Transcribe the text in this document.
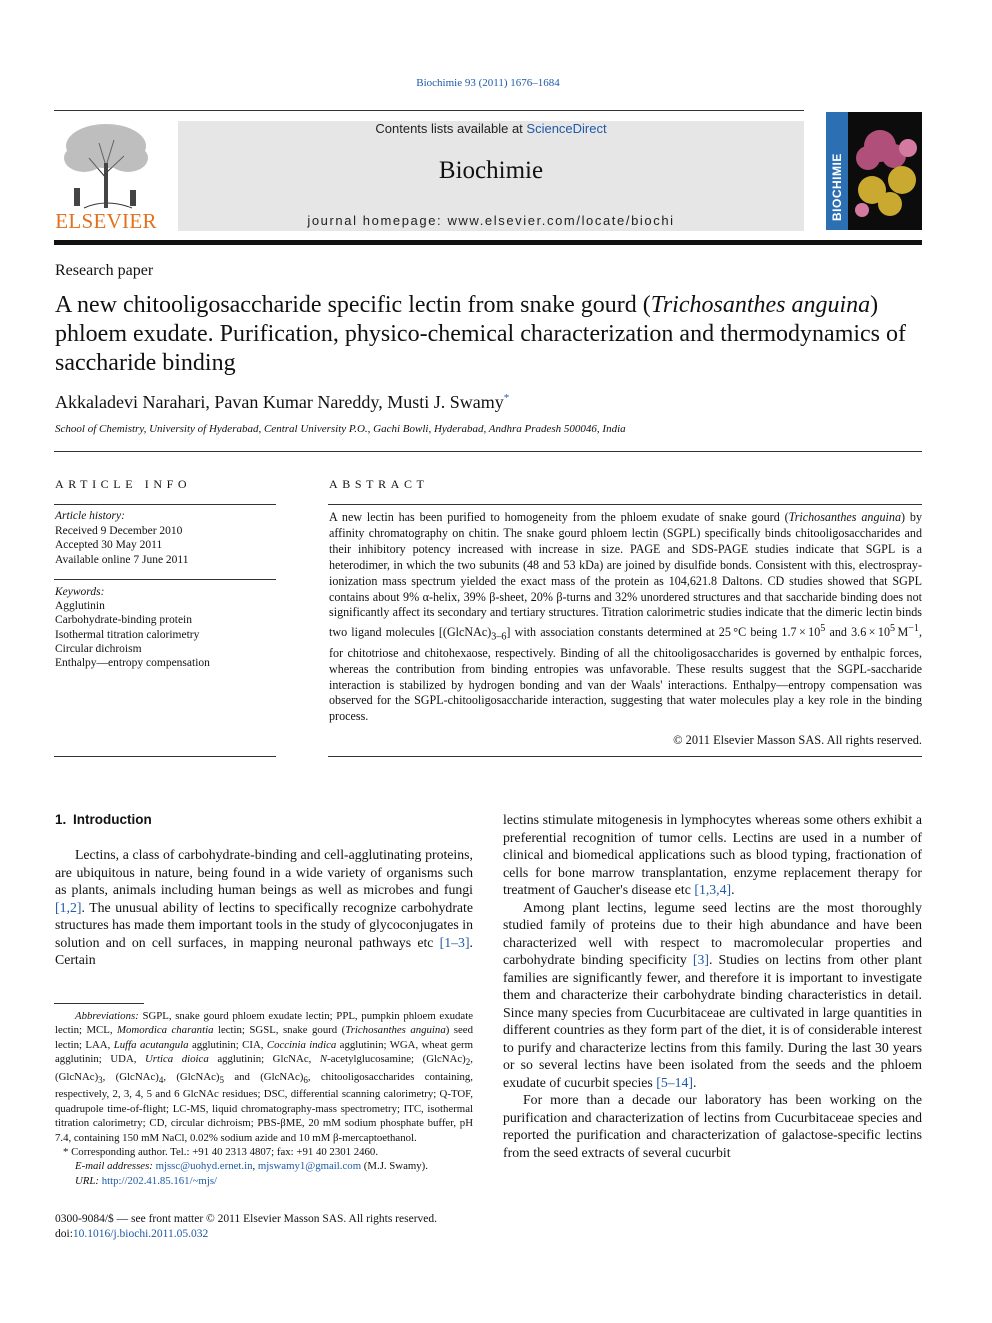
Biochimie 93 (2011) 1676–1684
ELSEVIER
Contents lists available at ScienceDirect
Biochimie
journal homepage: www.elsevier.com/locate/biochi	BIOCHIMIE
Research paper
A new chitooligosaccharide specific lectin from snake gourd (Trichosanthes anguina) phloem exudate. Purification, physico-chemical characterization and thermodynamics of saccharide binding
Akkaladevi Narahari, Pavan Kumar Nareddy, Musti J. Swamy*
School of Chemistry, University of Hyderabad, Central University P.O., Gachi Bowli, Hyderabad, Andhra Pradesh 500046, India
ARTICLE INFO
Article history:
Received 9 December 2010
Accepted 30 May 2011
Available online 7 June 2011
Keywords:
Agglutinin
Carbohydrate-binding protein
Isothermal titration calorimetry
Circular dichroism
Enthalpy—entropy compensation
ABSTRACT
A new lectin has been purified to homogeneity from the phloem exudate of snake gourd (Trichosanthes anguina) by affinity chromatography on chitin. The snake gourd phloem lectin (SGPL) specifically binds chitooligosaccharides and their inhibitory potency increased with increase in size. PAGE and SDS-PAGE studies indicate that SGPL is a heterodimer, in which the two subunits (48 and 53 kDa) are joined by disulfide bonds. Consistent with this, electrospray-ionization mass spectrum yielded the exact mass of the protein as 104,621.8 Daltons. CD studies showed that SGPL contains about 9% α-helix, 39% β-sheet, 20% β-turns and 32% unordered structures and that saccharide binding does not significantly affect its secondary and tertiary structures. Titration calorimetric studies indicate that the dimeric lectin binds two ligand molecules $[(GlcNAc)_{3-6}]$ with association constants determined at 25 °C being $1.7 \times 10^5$ and $3.6 \times 10^5$ $M^{-1}$, for chitotriose and chitohexaose, respectively. Binding of all the chitooligosaccharides is governed by enthalpic forces, whereas the contribution from binding entropies was unfavorable. These results suggest that the SGPL-saccharide interaction is stabilized by hydrogen bonding and van der Waals' interactions. Enthalpy—entropy compensation was observed for the SGPL-chitooligosaccharide interaction, suggesting that water molecules play a key role in the binding process.
© 2011 Elsevier Masson SAS. All rights reserved.
1. Introduction

Lectins, a class of carbohydrate-binding and cell-agglutinating proteins, are ubiquitous in nature, being found in a wide variety of organisms such as plants, animals including human beings as well as microbes and fungi [1,2]. The unusual ability of lectins to specifically recognize carbohydrate structures has made them important tools in the study of glycoconjugates in solution and on cell surfaces, in mapping neuronal pathways etc [1–3]. Certain

Abbreviations: SGPL, snake gourd phloem exudate lectin; PPL, pumpkin phloem exudate lectin; MCL, Momordica charantia lectin; SGSL, snake gourd (Trichosanthes anguina) seed lectin; LAA, Luffa acutangula agglutinin; CIA, Coccinia indica agglutinin; WGA, wheat germ agglutinin; UDA, Urtica dioica agglutinin; GlcNAc, N-acetylglucosamine; $(GlcNAc)_2$, $(GlcNAc)_3$, $(GlcNAc)_4$, $(GlcNAc)_5$ and $(GlcNAc)_6$, chitooligosaccharides containing, respectively, 2, 3, 4, 5 and 6 GlcNAc residues; DSC, differential scanning calorimetry; Q-TOF, quadrupole time-of-flight; LC-MS, liquid chromatography-mass spectrometry; ITC, isothermal titration calorimetry; CD, circular dichroism; PBS-βME, 20 mM sodium phosphate buffer, pH 7.4, containing 150 mM NaCl, 0.02% sodium azide and 10 mM β-mercaptoethanol.
* Corresponding author. Tel.: +91 40 2313 4807; fax: +91 40 2301 2460.
E-mail addresses: mjssc@uohyd.ernet.in, mjswamy1@gmail.com (M.J. Swamy).
URL: http://202.41.85.161/~mjs/
0300-9084/$ — see front matter © 2011 Elsevier Masson SAS. All rights reserved.
doi:10.1016/j.biochi.2011.05.032
lectins stimulate mitogenesis in lymphocytes whereas some others exhibit a preferential recognition of tumor cells. Lectins are used in a number of clinical and biomedical applications such as blood typing, fractionation of cells for bone marrow transplantation, enzyme replacement therapy for treatment of Gaucher's disease etc [1,3,4].

Among plant lectins, legume seed lectins are the most thoroughly studied family of proteins due to their high abundance and have been characterized well with respect to macromolecular properties and carbohydrate binding specificity [3]. Studies on lectins from other plant families are significantly fewer, and therefore it is important to investigate them and characterize their carbohydrate binding characteristics in detail. Since many species from Cucurbitaceae are cultivated in large quantities in different countries as they form part of the diet, it is of considerable interest to purify and characterize lectins from this family. During the last 30 years or so several lectins have been isolated from the seeds and the phloem exudate of cucurbit species [5–14].

For more than a decade our laboratory has been working on the purification and characterization of lectins from Cucurbitaceae species and reported the purification and characterization of galactose-specific lectins from the seed extracts of several cucurbit
